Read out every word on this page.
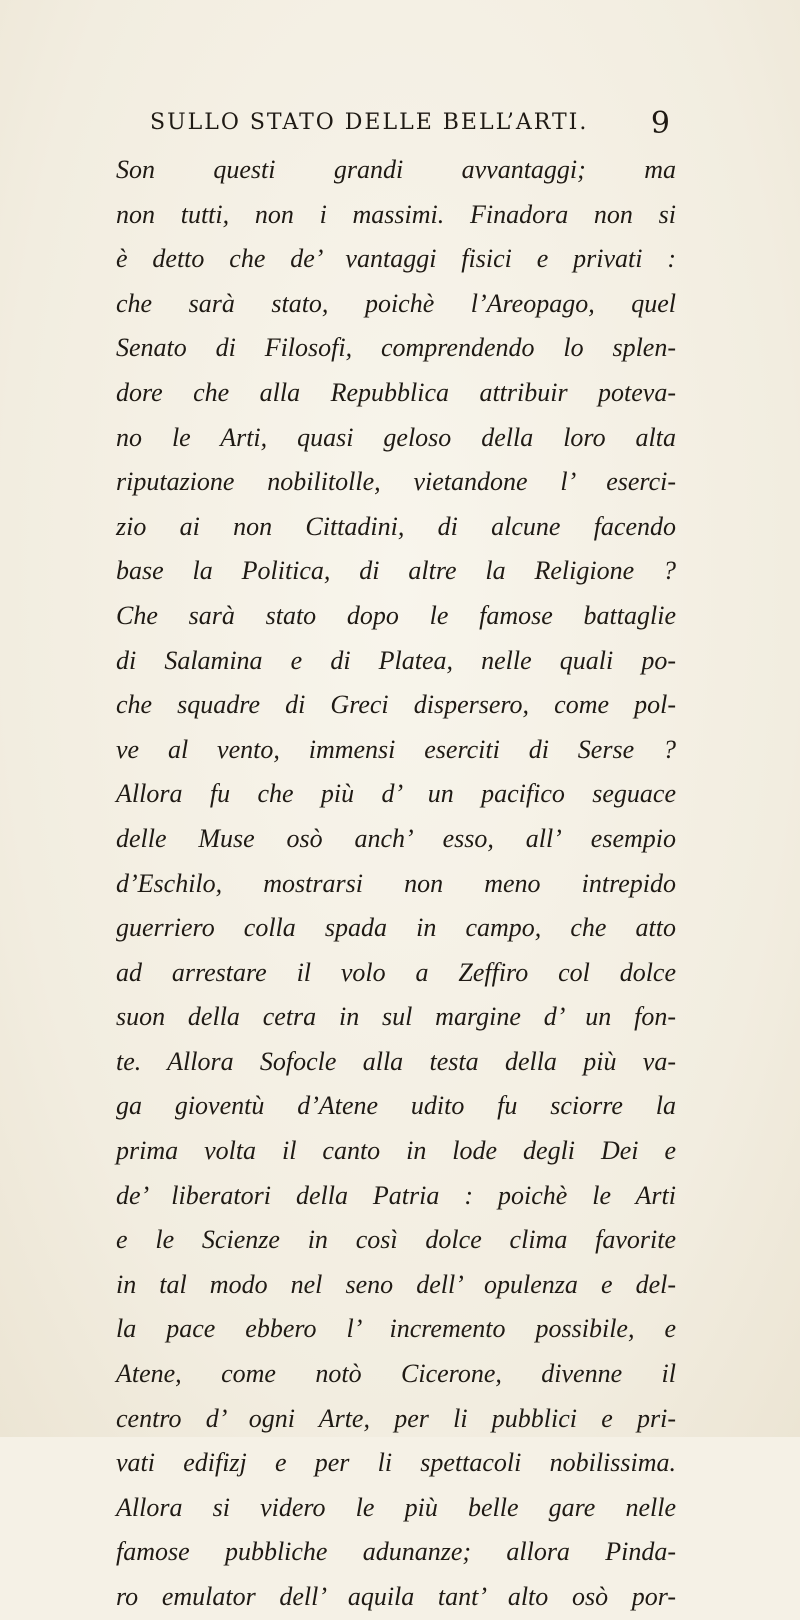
SULLO STATO DELLE BELL’ARTI. 9
Son questi grandi avvantaggi; ma
non tutti, non i massimi. Finadora non si
è detto che de’ vantaggi fisici e privati :
che sarà stato, poichè l’Areopago, quel
Senato di Filosofi, comprendendo lo splen-
dore che alla Repubblica attribuir poteva-
no le Arti, quasi geloso della loro alta
riputazione nobilitolle, vietandone l’ eserci-
zio ai non Cittadini, di alcune facendo
base la Politica, di altre la Religione ?
Che sarà stato dopo le famose battaglie
di Salamina e di Platea, nelle quali po-
che squadre di Greci dispersero, come pol-
ve al vento, immensi eserciti di Serse ?
Allora fu che più d’ un pacifico seguace
delle Muse osò anch’ esso, all’ esempio
d’Eschilo, mostrarsi non meno intrepido
guerriero colla spada in campo, che atto
ad arrestare il volo a Zeffiro col dolce
suon della cetra in sul margine d’ un fon-
te. Allora Sofocle alla testa della più va-
ga gioventù d’Atene udito fu sciorre la
prima volta il canto in lode degli Dei e
de’ liberatori della Patria : poichè le Arti
e le Scienze in così dolce clima favorite
in tal modo nel seno dell’ opulenza e del-
la pace ebbero l’ incremento possibile, e
Atene, come notò Cicerone, divenne il
centro d’ ogni Arte, per li pubblici e pri-
vati edifizj e per li spettacoli nobilissima.
Allora si videro le più belle gare nelle
famose pubbliche adunanze; allora Pinda-
ro emulator dell’ aquila tant’ alto osò por-
